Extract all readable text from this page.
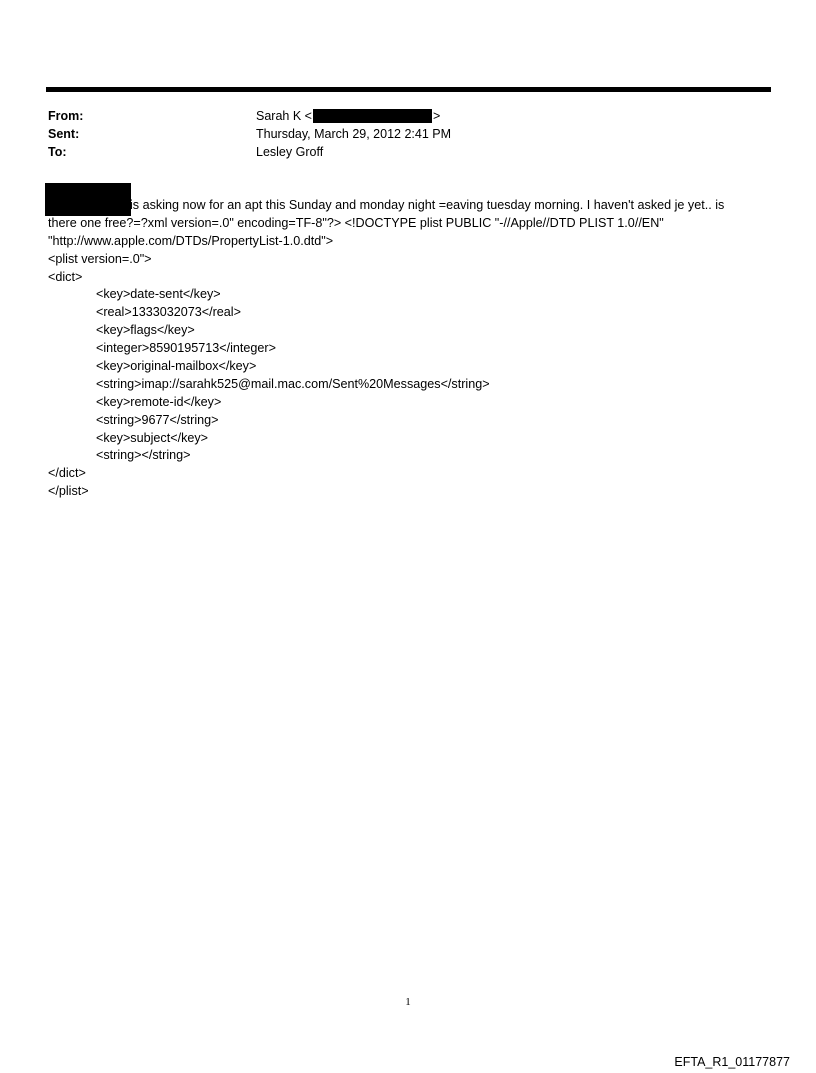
From:	Sarah K <	>
Sent:	Thursday, March 29, 2012 2:41 PM
To:	Lesley Groff
is asking now for an apt this Sunday and monday night =eaving tuesday morning. I haven't asked je yet.. is
there one free?=?xml version=.0" encoding=TF-8"?> <!DOCTYPE plist PUBLIC "-//Apple//DTD PLIST 1.0//EN"
"http://www.apple.com/DTDs/PropertyList-1.0.dtd">
<plist version=.0">
<dict>
<key>date-sent</key>
<real>1333032073</real>
<key>flags</key>
<integer>8590195713</integer>
<key>original-mailbox</key>
<string>imap://sarahk525@mail.mac.com/Sent%20Messages</string>
<key>remote-id</key>
<string>9677</string>
<key>subject</key>
<string></string>
</dict>
</plist>
1
EFTA_R1_01177877
